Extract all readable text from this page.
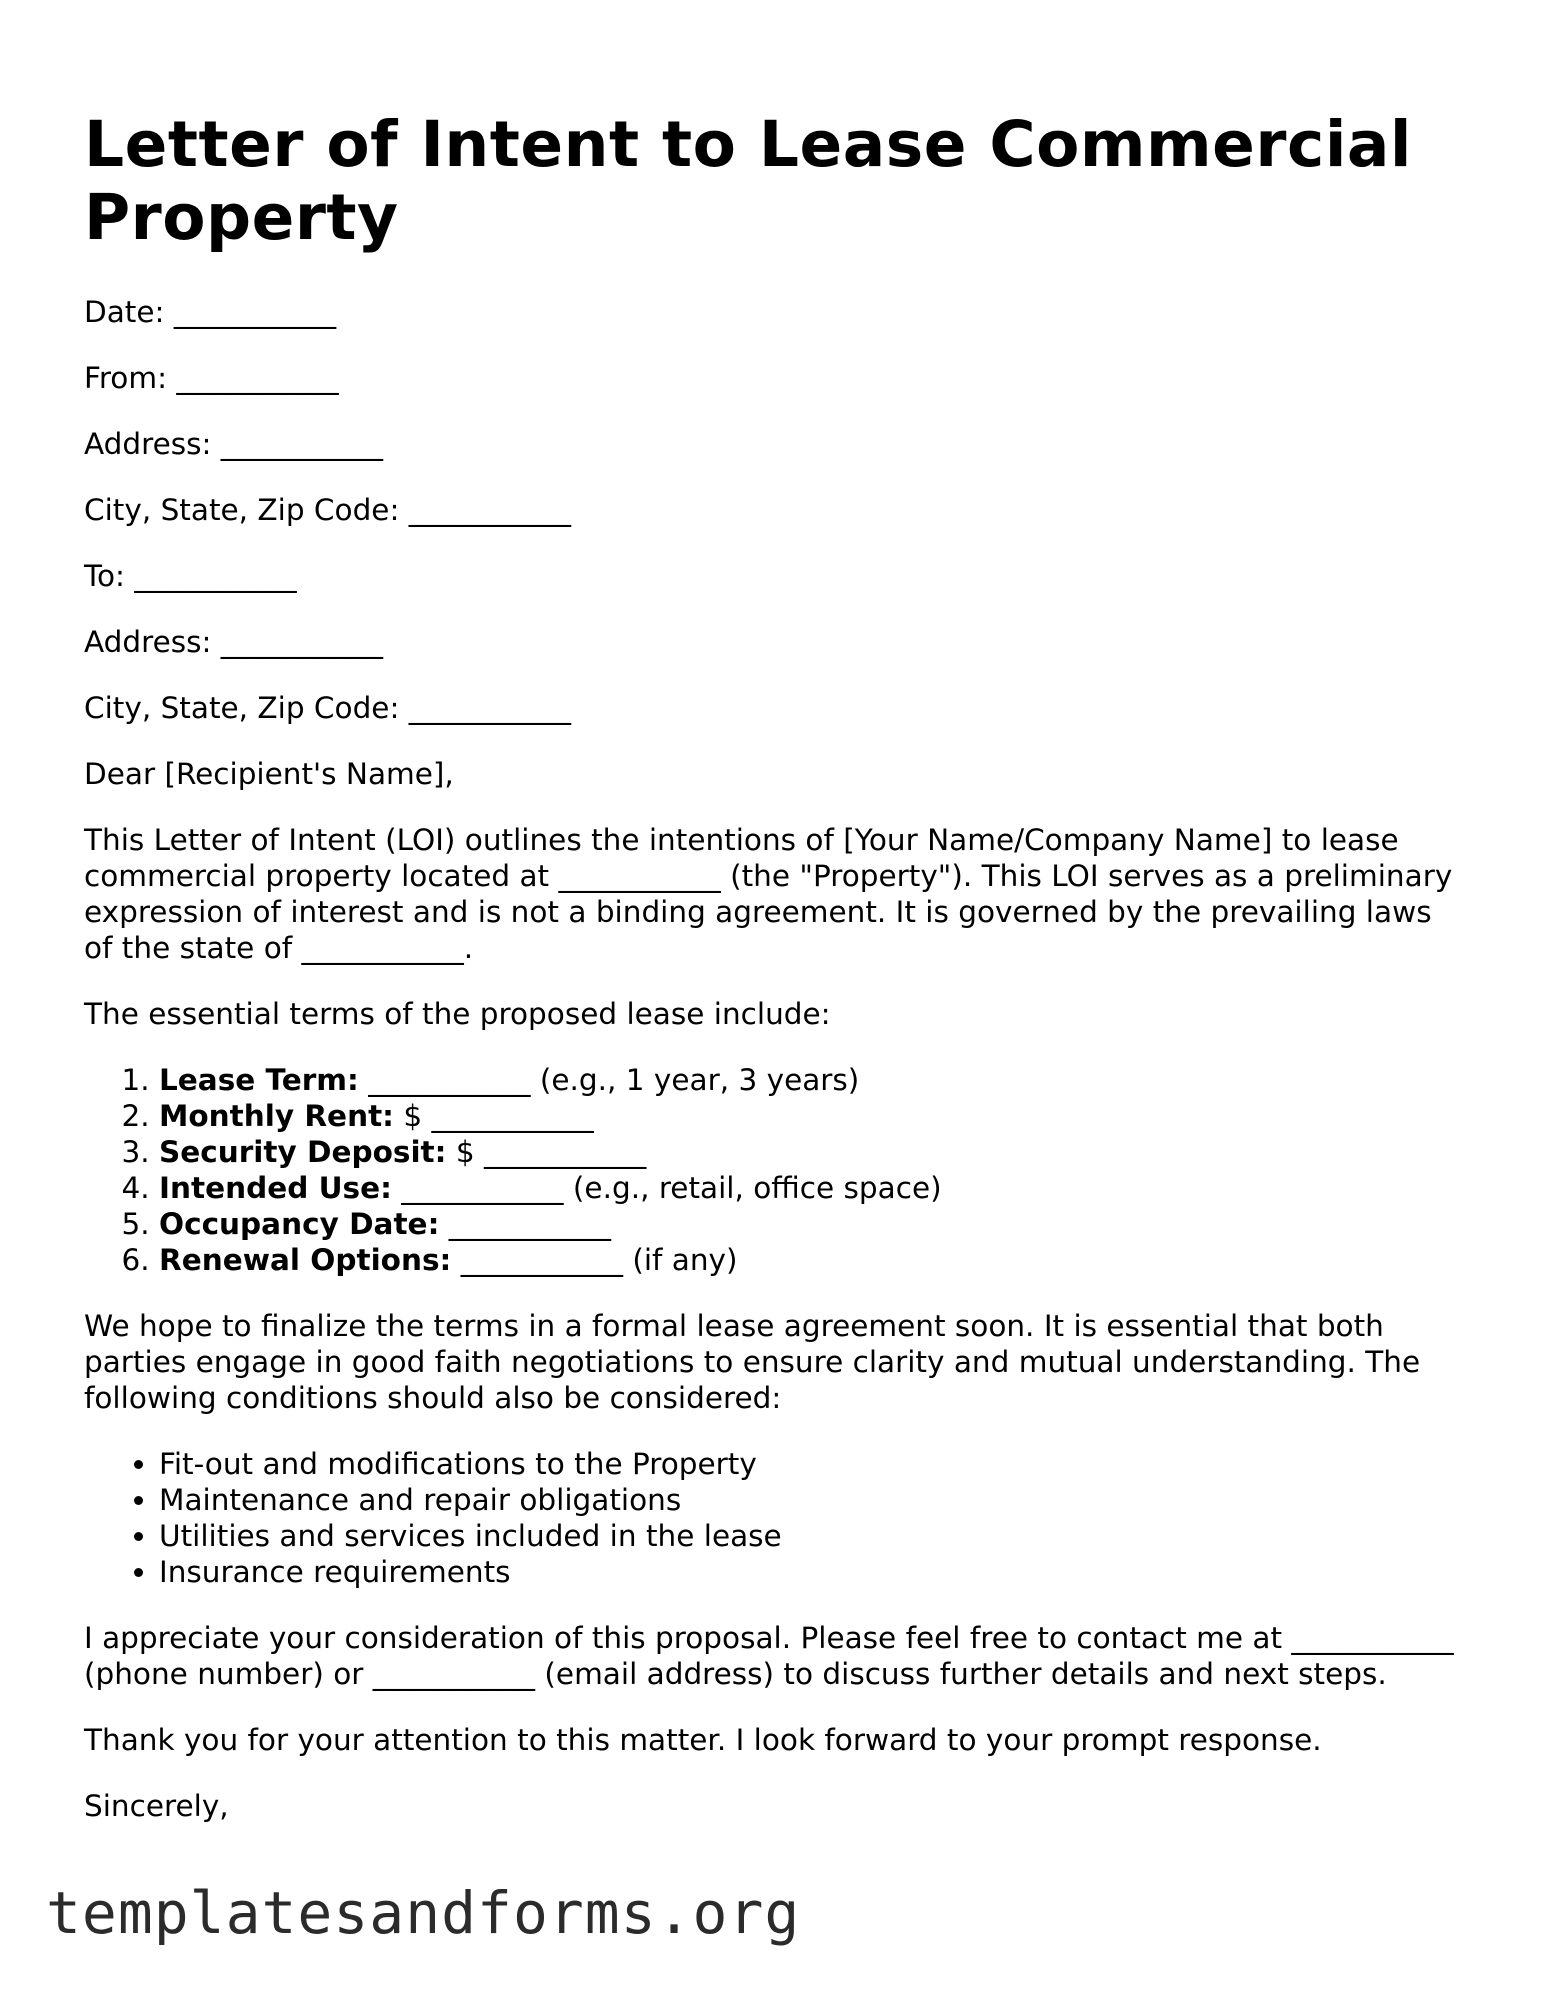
Letter of Intent to Lease Commercial Property
Date: ___________
From: ___________
Address: ___________
City, State, Zip Code: ___________
To: ___________
Address: ___________
City, State, Zip Code: ___________

Dear [Recipient's Name],

This Letter of Intent (LOI) outlines the intentions of [Your Name/Company Name] to lease commercial property located at ___________ (the "Property"). This LOI serves as a preliminary expression of interest and is not a binding agreement. It is governed by the prevailing laws of the state of ___________.

The essential terms of the proposed lease include:

1. Lease Term: ___________ (e.g., 1 year, 3 years)
2. Monthly Rent: $ ___________
3. Security Deposit: $ ___________
4. Intended Use: ___________ (e.g., retail, office space)
5. Occupancy Date: ___________
6. Renewal Options: ___________ (if any)

We hope to finalize the terms in a formal lease agreement soon. It is essential that both parties engage in good faith negotiations to ensure clarity and mutual understanding. The following conditions should also be considered:

• Fit-out and modifications to the Property
• Maintenance and repair obligations
• Utilities and services included in the lease
• Insurance requirements

I appreciate your consideration of this proposal. Please feel free to contact me at ___________ (phone number) or ___________ (email address) to discuss further details and next steps.

Thank you for your attention to this matter. I look forward to your prompt response.

Sincerely,

templatesandforms.org
